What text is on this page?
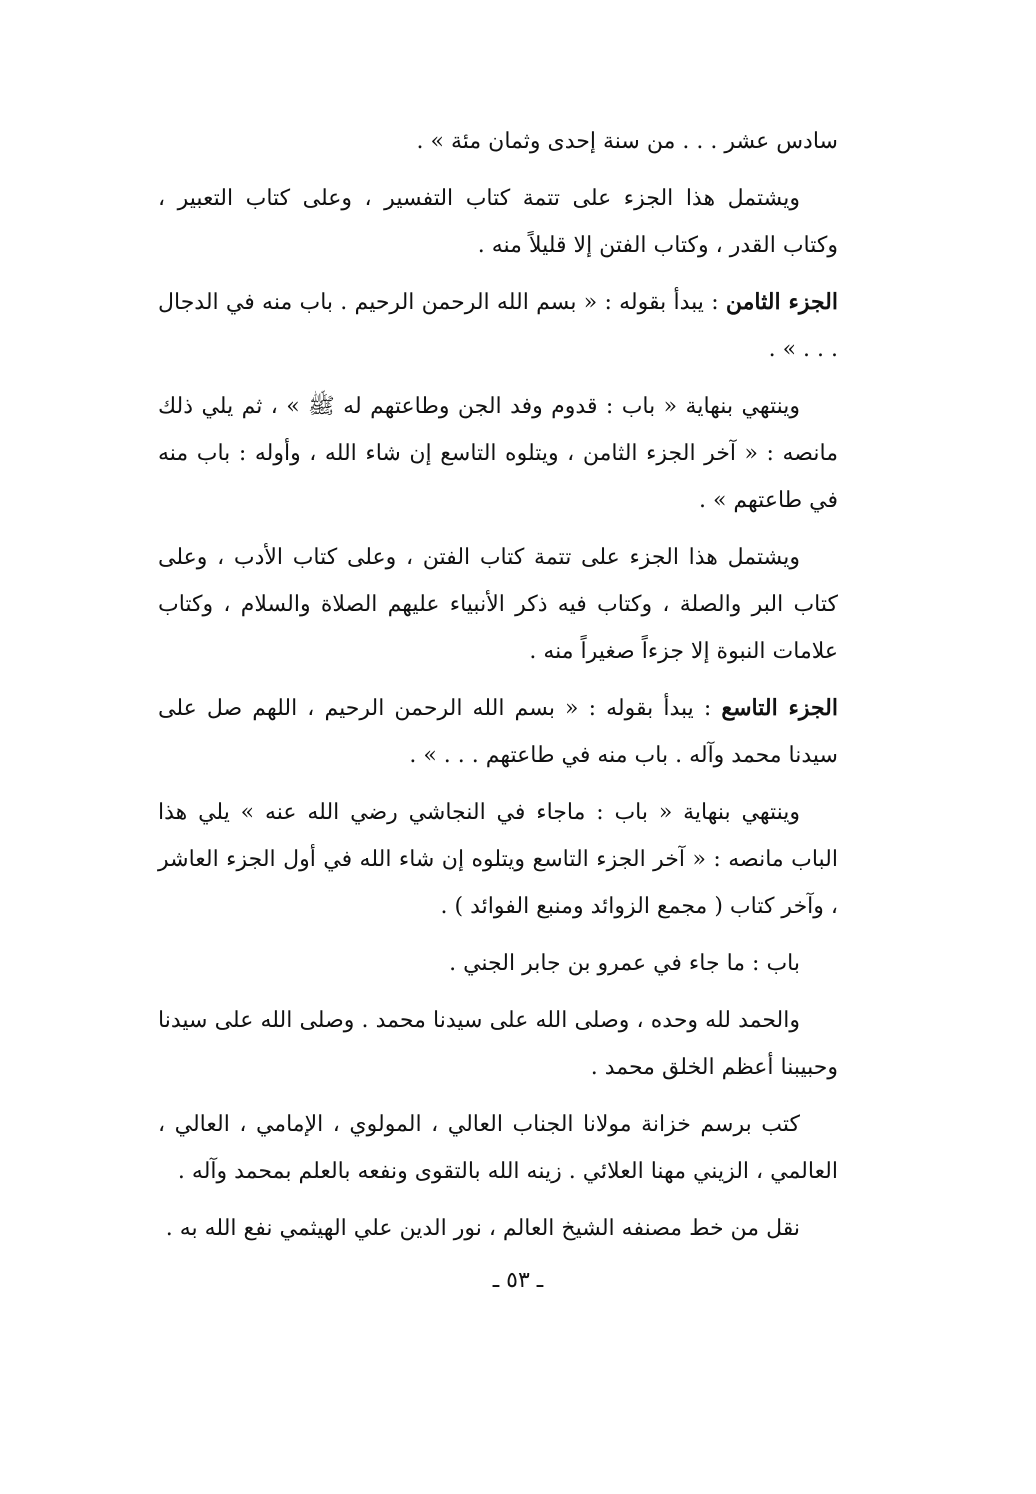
سادس عشر . . . من سنة إحدى وثمان مئة » .

ويشتمل هذا الجزء على تتمة كتاب التفسير ، وعلى كتاب التعبير ، وكتاب القدر ، وكتاب الفتن إلا قليلاً منه .

الجزء الثامن : يبدأ بقوله : « بسم الله الرحمن الرحيم . باب منه في الدجال . . . » .

وينتهي بنهاية « باب : قدوم وفد الجن وطاعتهم له ﷺ » ، ثم يلي ذلك مانصه : « آخر الجزء الثامن ، ويتلوه التاسع إن شاء الله ، وأوله : باب منه في طاعتهم » .

ويشتمل هذا الجزء على تتمة كتاب الفتن ، وعلى كتاب الأدب ، وعلى كتاب البر والصلة ، وكتاب فيه ذكر الأنبياء عليهم الصلاة والسلام ، وكتاب علامات النبوة إلا جزءاً صغيراً منه .

الجزء التاسع : يبدأ بقوله : « بسم الله الرحمن الرحيم ، اللهم صل على سيدنا محمد وآله . باب منه في طاعتهم . . . » .

وينتهي بنهاية « باب : ماجاء في النجاشي رضي الله عنه » يلي هذا الباب مانصه : « آخر الجزء التاسع ويتلوه إن شاء الله في أول الجزء العاشر ، وآخر كتاب ( مجمع الزوائد ومنبع الفوائد ) .

باب : ما جاء في عمرو بن جابر الجني .

والحمد لله وحده ، وصلى الله على سيدنا محمد . وصلى الله على سيدنا وحبيبنا أعظم الخلق محمد .

كتب برسم خزانة مولانا الجناب العالي ، المولوي ، الإمامي ، العالي ، العالمي ، الزيني مهنا العلائي . زينه الله بالتقوى ونفعه بالعلم بمحمد وآله .

نقل من خط مصنفه الشيخ العالم ، نور الدين علي الهيثمي نفع الله به .

ـ ٥٣ ـ
